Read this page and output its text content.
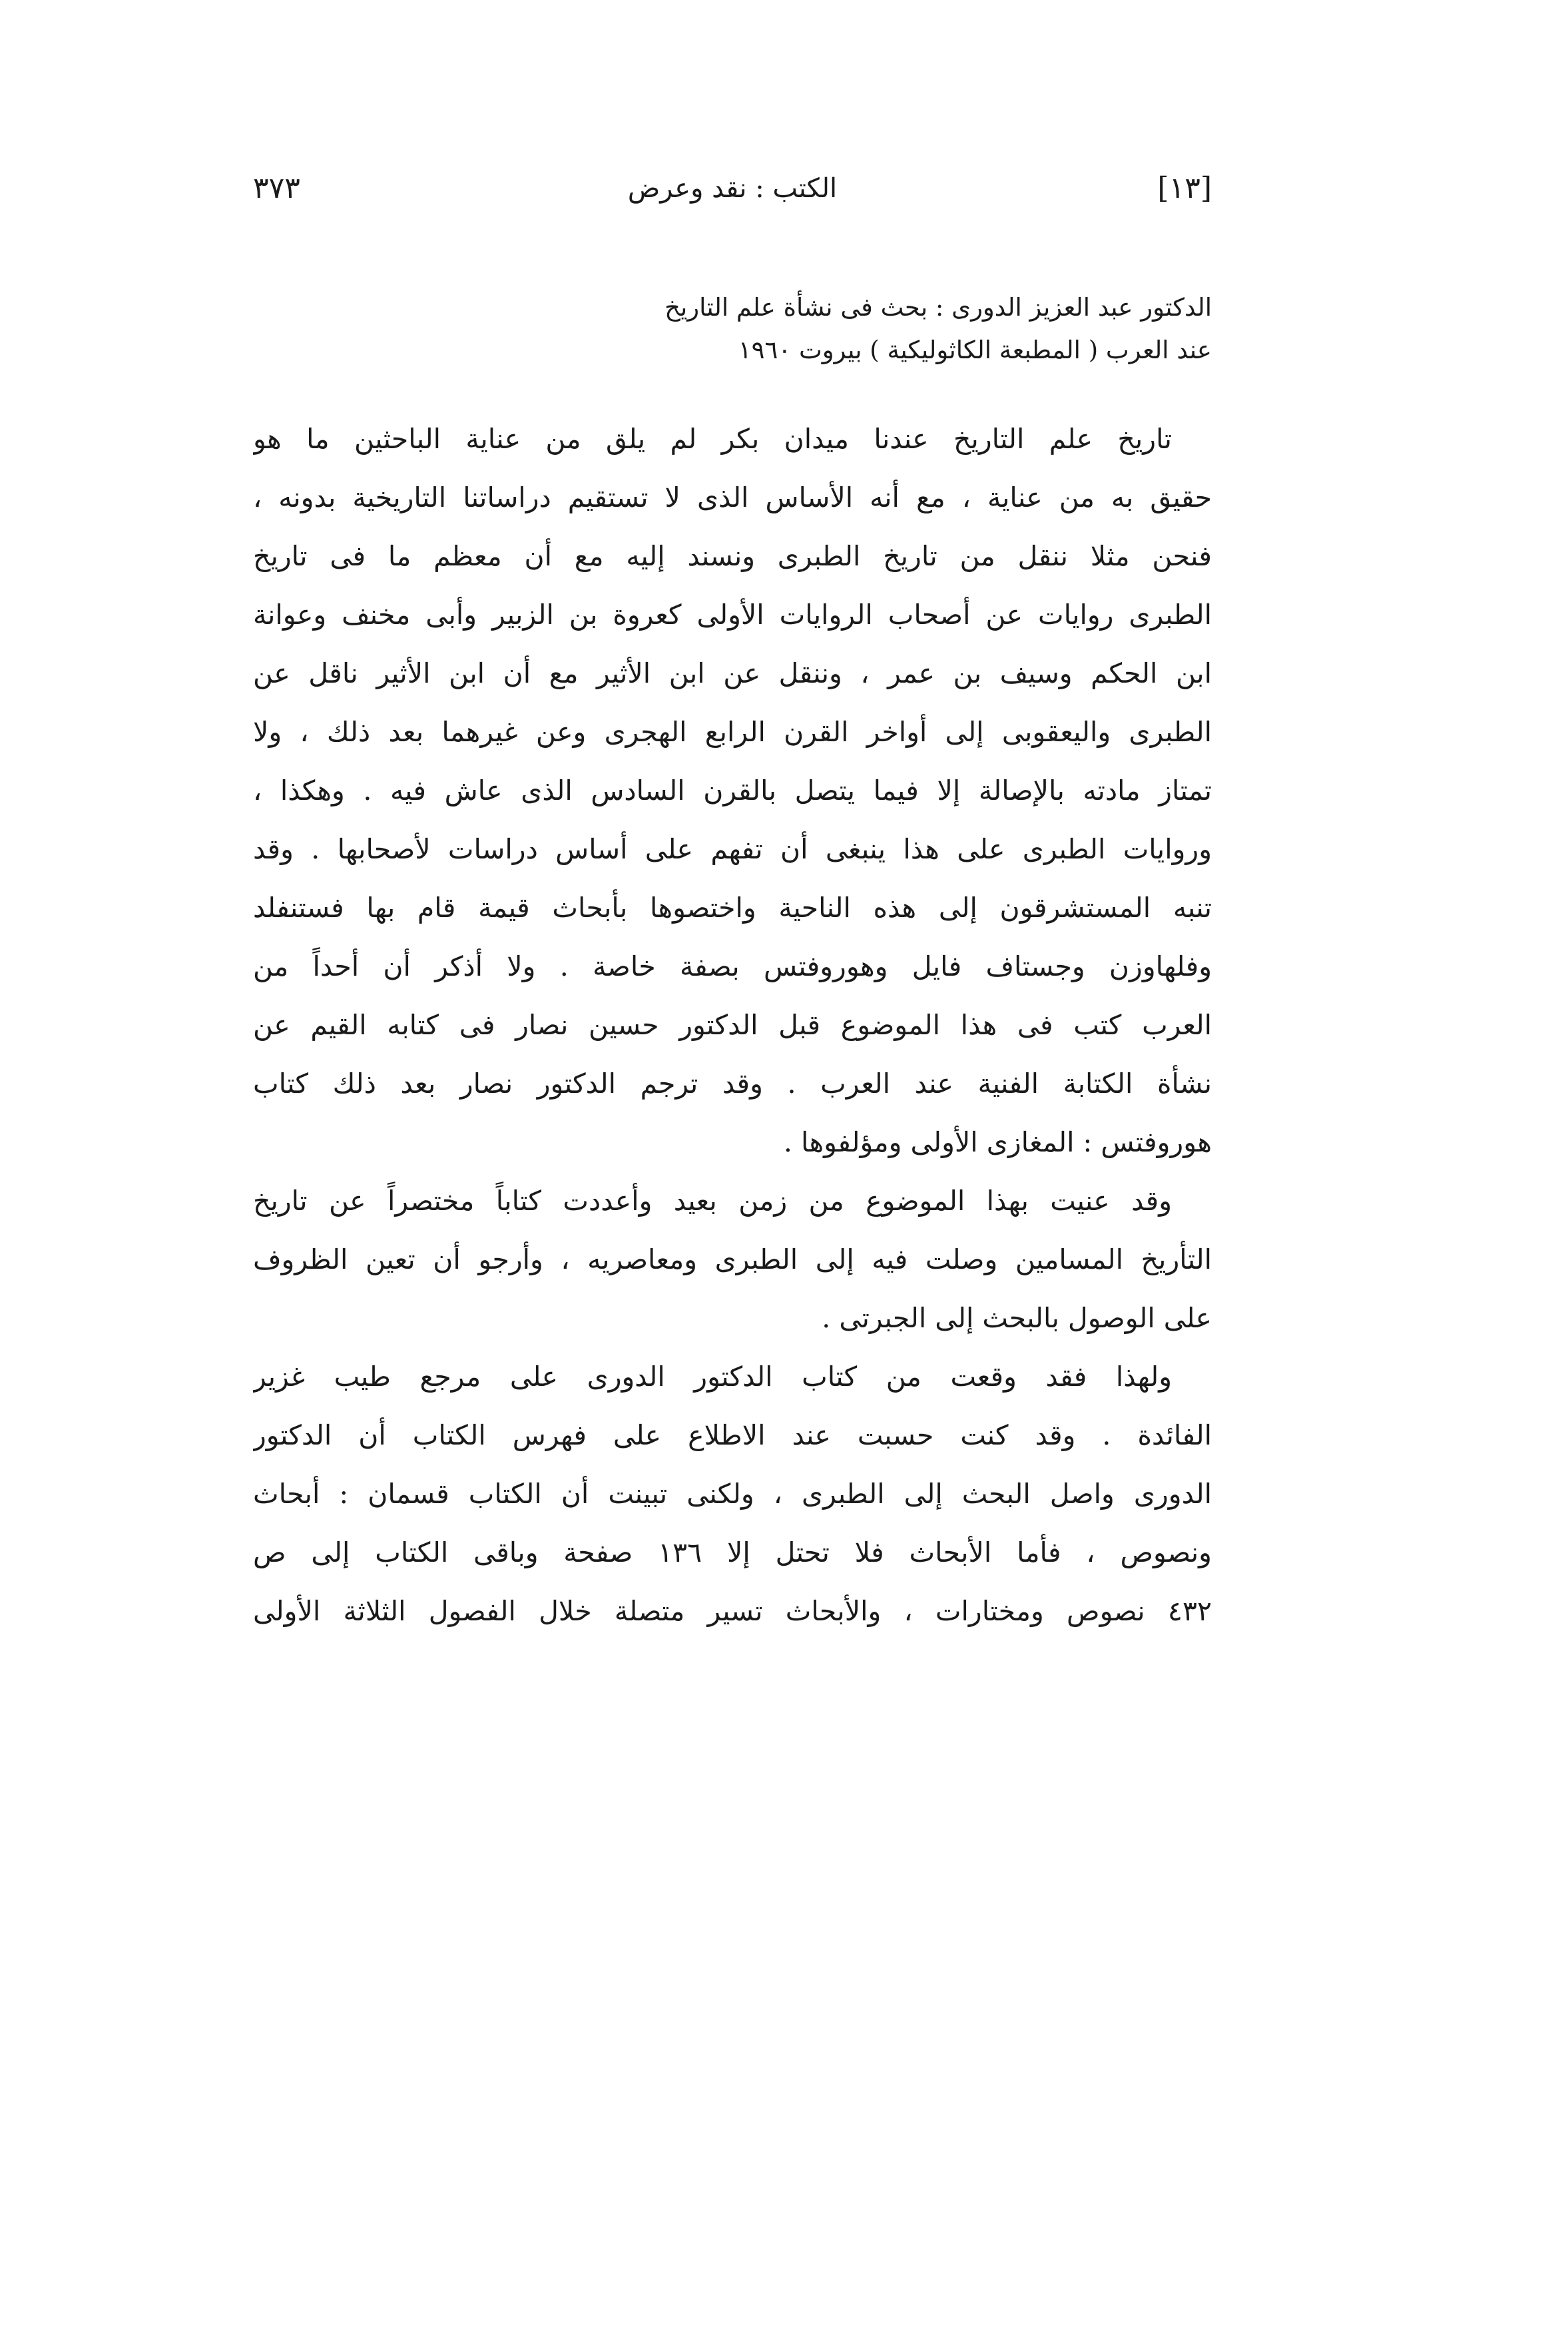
٣٧٣	الكتب : نقد وعرض	[١٣]
الدكتور عبد العزيز الدورى : بحث فى نشأة علم التاريخ
عند العرب ( المطبعة الكاثوليكية ) بيروت ١٩٦٠
تاريخ علم التاريخ عندنا ميدان بكر لم يلق من عناية الباحثين ما هو
حقيق به من عناية ، مع أنه الأساس الذى لا تستقيم دراساتنا التاريخية بدونه ،
فنحن مثلا ننقل من تاريخ الطبرى ونسند إليه مع أن معظم ما فى تاريخ
الطبرى روايات عن أصحاب الروايات الأولى كعروة بن الزبير وأبى مخنف وعوانة
ابن الحكم وسيف بن عمر ، وننقل عن ابن الأثير مع أن ابن الأثير ناقل عن
الطبرى واليعقوبى إلى أواخر القرن الرابع الهجرى وعن غيرهما بعد ذلك ، ولا
تمتاز مادته بالإصالة إلا فيما يتصل بالقرن السادس الذى عاش فيه . وهكذا ،
وروايات الطبرى على هذا ينبغى أن تفهم على أساس دراسات لأصحابها . وقد
تنبه المستشرقون إلى هذه الناحية واختصوها بأبحاث قيمة قام بها فستنفلد
وفلهاوزن وجستاف فايل وهوروفتس بصفة خاصة . ولا أذكر أن أحداً من
العرب كتب فى هذا الموضوع قبل الدكتور حسين نصار فى كتابه القيم عن
نشأة الكتابة الفنية عند العرب . وقد ترجم الدكتور نصار بعد ذلك كتاب
هوروفتس : المغازى الأولى ومؤلفوها .
وقد عنيت بهذا الموضوع من زمن بعيد وأعددت كتاباً مختصراً عن تاريخ
التأريخ المسامين وصلت فيه إلى الطبرى ومعاصريه ، وأرجو أن تعين الظروف
على الوصول بالبحث إلى الجبرتى .
ولهذا فقد وقعت من كتاب الدكتور الدورى على مرجع طيب غزير
الفائدة . وقد كنت حسبت عند الاطلاع على فهرس الكتاب أن الدكتور
الدورى واصل البحث إلى الطبرى ، ولكنى تبينت أن الكتاب قسمان : أبحاث
ونصوص ، فأما الأبحاث فلا تحتل إلا ١٣٦ صفحة وباقى الكتاب إلى ص
٤٣٢ نصوص ومختارات ، والأبحاث تسير متصلة خلال الفصول الثلاثة الأولى
